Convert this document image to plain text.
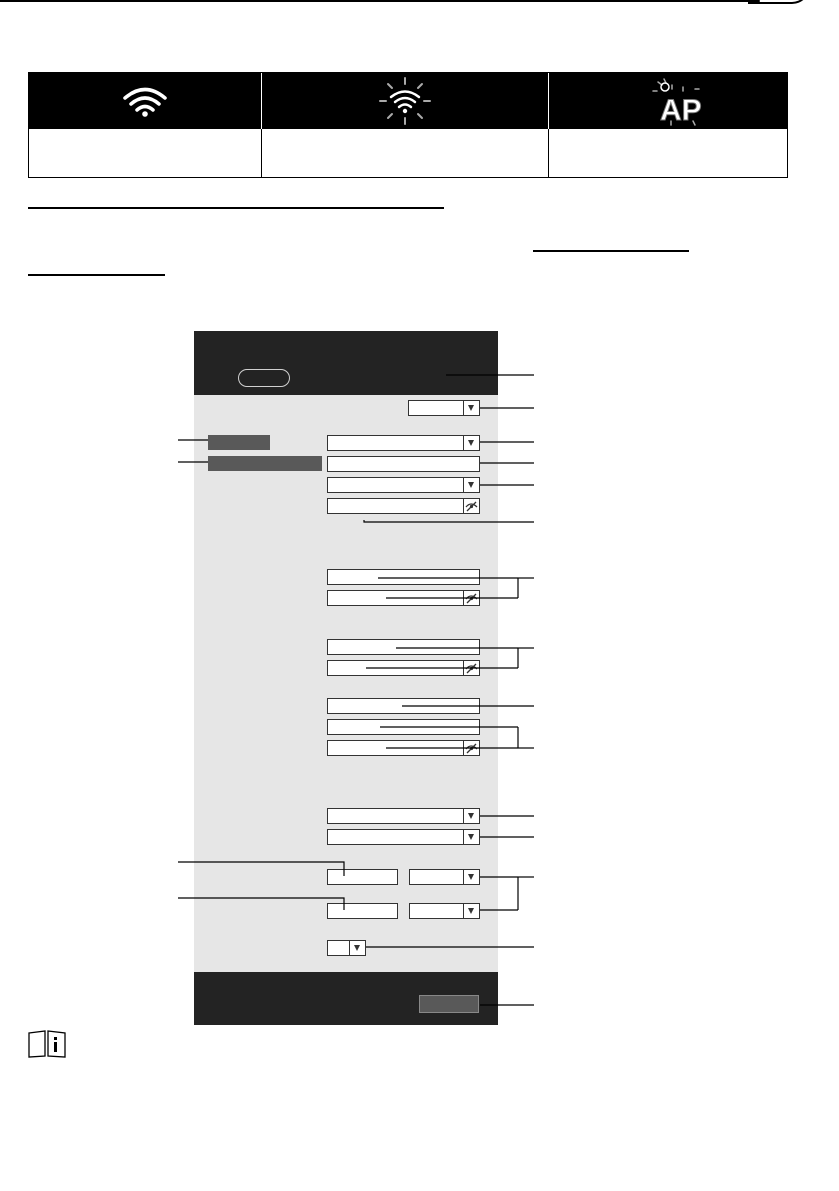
AP
